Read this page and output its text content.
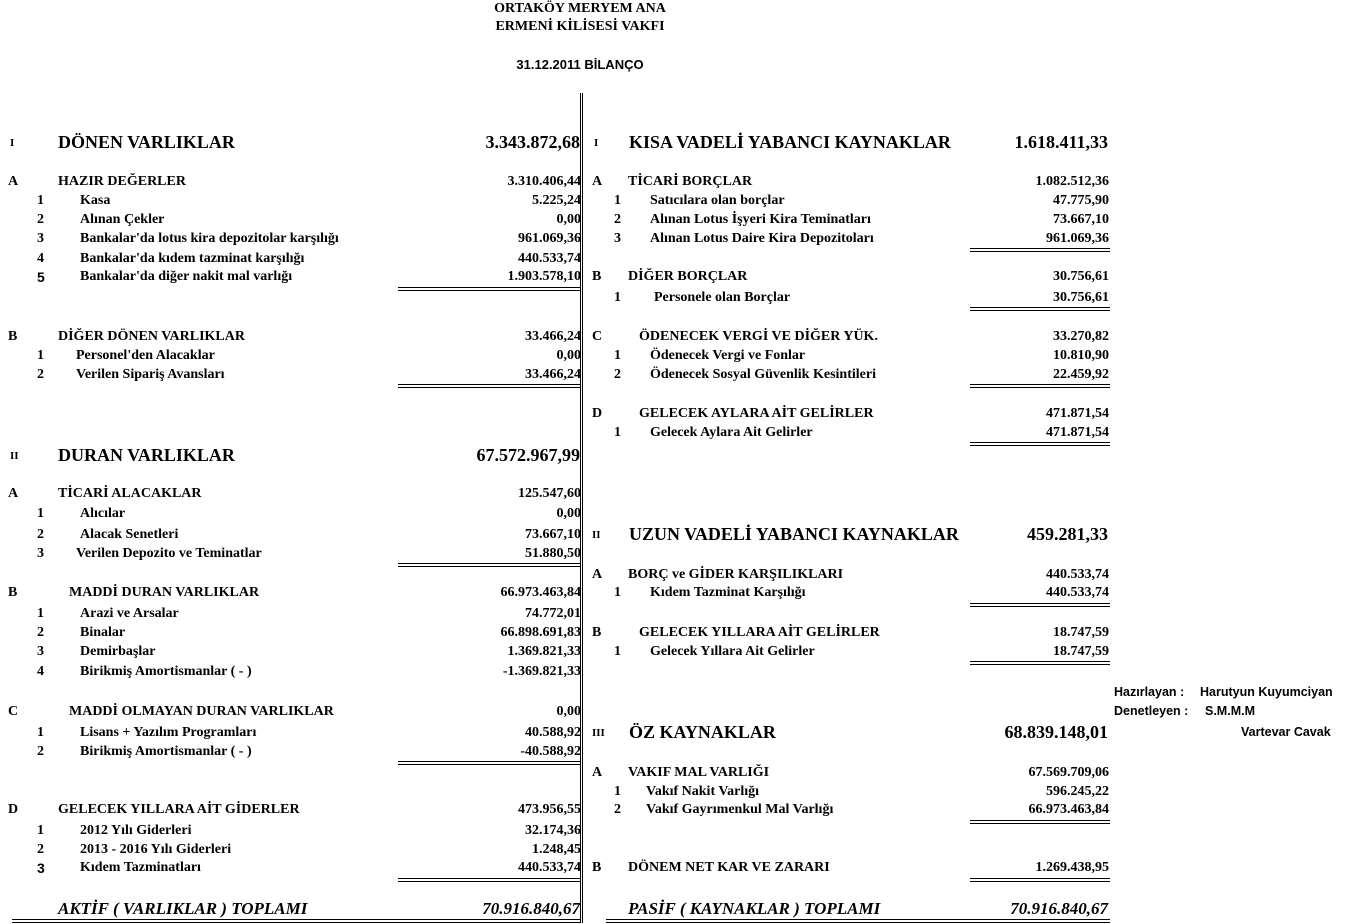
ORTAKÖY MERYEM ANA
ERMENİ KİLİSESİ VAKFI
31.12.2011 BİLANÇO
I DÖNEN VARLIKLAR	3.343.872,68
A	HAZIR DEĞERLER	3.310.406,44
1	Kasa	5.225,24
2	Alınan Çekler	0,00
3	Bankalar'da lotus kira depozitolar karşılığı	961.069,36
4	Bankalar'da kıdem tazminat karşılığı	440.533,74
5	Bankalar'da diğer nakit mal varlığı	1.903.578,10
B	DİĞER DÖNEN VARLIKLAR	33.466,24
1 Personel'den Alacaklar	0,00
2 Verilen Sipariş Avansları	33.466,24
II DURAN VARLIKLAR	67.572.967,99
A	TİCARİ ALACAKLAR	125.547,60
1	Alıcılar	0,00
2	Alacak Senetleri	73.667,10
3 Verilen Depozito ve Teminatlar	51.880,50
B	MADDİ DURAN VARLIKLAR	66.973.463,84
1	Arazi ve Arsalar	74.772,01
2	Binalar	66.898.691,83
3	Demirbaşlar	1.369.821,33
4	Birikmiş Amortismanlar ( - )	-1.369.821,33
C	MADDİ OLMAYAN DURAN VARLIKLAR	0,00
1	Lisans + Yazılım Programları	40.588,92
2	Birikmiş Amortismanlar ( - )	-40.588,92
D	GELECEK YILLARA AİT GİDERLER	473.956,55
1	2012 Yılı Giderleri	32.174,36
2	2013 - 2016 Yılı Giderleri	1.248,45
3	Kıdem Tazminatları	440.533,74
AKTİF ( VARLIKLAR ) TOPLAMI	70.916.840,67
I KISA VADELİ YABANCI KAYNAKLAR	1.618.411,33
A TİCARİ BORÇLAR	1.082.512,36
1 Satıcılara olan borçlar	47.775,90
2 Alınan Lotus İşyeri Kira Teminatları	73.667,10
3 Alınan Lotus Daire Kira Depozitoları	961.069,36
B DİĞER BORÇLAR	30.756,61
1 Personele olan Borçlar	30.756,61
C	ÖDENECEK VERGİ VE DİĞER YÜK.	33.270,82
1 Ödenecek Vergi ve Fonlar	10.810,90
2 Ödenecek Sosyal Güvenlik Kesintileri	22.459,92
D	GELECEK AYLARA AİT GELİRLER	471.871,54
1 Gelecek Aylara Ait Gelirler	471.871,54
II UZUN VADELİ YABANCI KAYNAKLAR	459.281,33
A BORÇ ve GİDER KARŞILIKLARI	440.533,74
1 Kıdem Tazminat Karşılığı	440.533,74
B	GELECEK YILLARA AİT GELİRLER	18.747,59
1 Gelecek Yıllara Ait Gelirler	18.747,59
III ÖZ KAYNAKLAR	68.839.148,01
A VAKIF MAL VARLIĞI	67.569.709,06
1 Vakıf Nakit Varlığı	596.245,22
2 Vakıf Gayrımenkul Mal Varlığı	66.973.463,84
B DÖNEM NET KAR VE ZARARI	1.269.438,95
PASİF ( KAYNAKLAR ) TOPLAMI	70.916.840,67
Hazırlayan : Harutyun Kuyumciyan
Denetleyen : S.M.M.M
Vartevar Cavak
